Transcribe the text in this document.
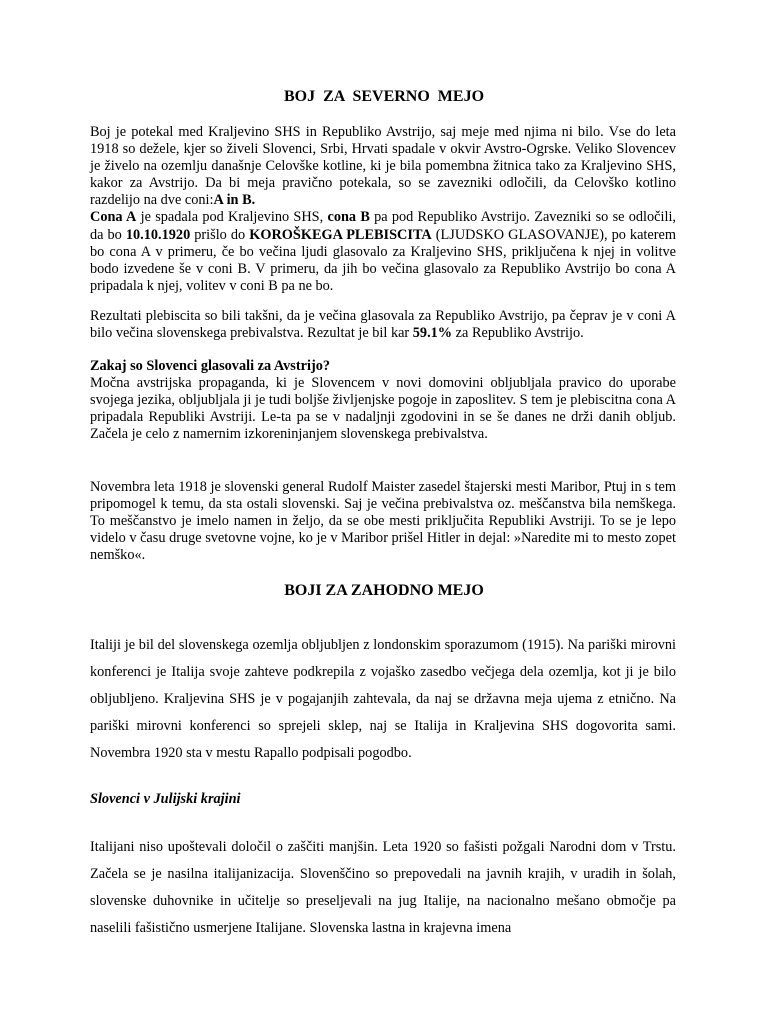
BOJ ZA SEVERNO MEJO

Boj je potekal med Kraljevino SHS in Republiko Avstrijo, saj meje med njima ni bilo. Vse do leta 1918 so dežele, kjer so živeli Slovenci, Srbi, Hrvati spadale v okvir Avstro-Ogrske. Veliko Slovencev je živelo na ozemlju današnje Celovške kotline, ki je bila pomembna žitnica tako za Kraljevino SHS, kakor za Avstrijo. Da bi meja pravično potekala, so se zavezniki odločili, da Celovško kotlino razdelijo na dve coni:A in B.
Cona A je spadala pod Kraljevino SHS, cona B pa pod Republiko Avstrijo. Zavezniki so se odločili, da bo 10.10.1920 prišlo do KOROŠKEGA PLEBISCITA (LJUDSKO GLASOVANJE), po katerem bo cona A v primeru, če bo večina ljudi glasovalo za Kraljevino SHS, priključena k njej in volitve bodo izvedene še v coni B. V primeru, da jih bo večina glasovalo za Republiko Avstrijo bo cona A pripadala k njej, volitev v coni B pa ne bo.

Rezultati plebiscita so bili takšni, da je večina glasovala za Republiko Avstrijo, pa čeprav je v coni A bilo večina slovenskega prebivalstva. Rezultat je bil kar 59.1% za Republiko Avstrijo.

Zakaj so Slovenci glasovali za Avstrijo?
Močna avstrijska propaganda, ki je Slovencem v novi domovini obljubljala pravico do uporabe svojega jezika, obljubljala ji je tudi boljše življenjske pogoje in zaposlitev. S tem je plebiscitna cona A pripadala Republiki Avstriji. Le-ta pa se v nadaljnji zgodovini in se še danes ne drži danih obljub. Začela je celo z namernim izkoreninjanjem slovenskega prebivalstva.

Novembra leta 1918 je slovenski general Rudolf Maister zasedel štajerski mesti Maribor, Ptuj in s tem pripomogel k temu, da sta ostali slovenski. Saj je večina prebivalstva oz. meščanstva bila nemškega. To meščanstvo je imelo namen in željo, da se obe mesti priključita Republiki Avstriji. To se je lepo videlo v času druge svetovne vojne, ko je v Maribor prišel Hitler in dejal: »Naredite mi to mesto zopet nemško«.

BOJI ZA ZAHODNO MEJO

Italiji je bil del slovenskega ozemlja obljubljen z londonskim sporazumom (1915). Na pariški mirovni konferenci je Italija svoje zahteve podkrepila z vojaško zasedbo večjega dela ozemlja, kot ji je bilo obljubljeno. Kraljevina SHS je v pogajanjih zahtevala, da naj se državna meja ujema z etnično. Na pariški mirovni konferenci so sprejeli sklep, naj se Italija in Kraljevina SHS dogovorita sami. Novembra 1920 sta v mestu Rapallo podpisali pogodbo.

Slovenci v Julijski krajini

Italijani niso upoštevali določil o zaščiti manjšin. Leta 1920 so fašisti požgali Narodni dom v Trstu. Začela se je nasilna italijanizacija. Slovenščino so prepovedali na javnih krajih, v uradih in šolah, slovenske duhovnike in učitelje so preseljevali na jug Italije, na nacionalno mešano območje pa naselili fašistično usmerjene Italijane. Slovenska lastna in krajevna imena
